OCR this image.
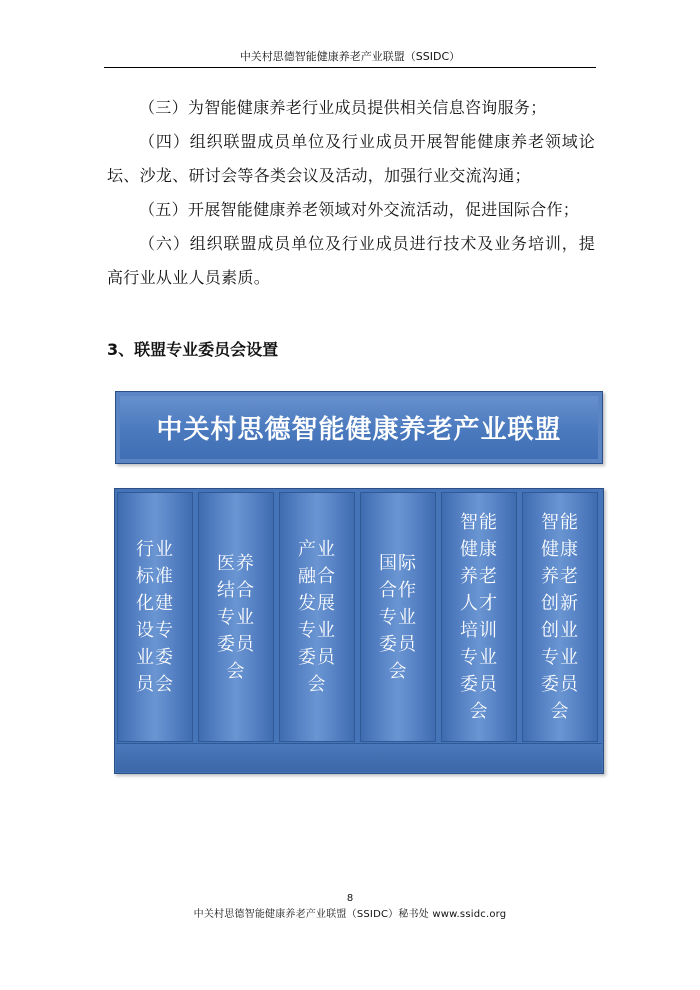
中关村思德智能健康养老产业联盟（SSIDC）

（三）为智能健康养老行业成员提供相关信息咨询服务；

（四）组织联盟成员单位及行业成员开展智能健康养老领域论坛、沙龙、研讨会等各类会议及活动，加强行业交流沟通；

（五）开展智能健康养老领域对外交流活动，促进国际合作；

（六）组织联盟成员单位及行业成员进行技术及业务培训，提高行业从业人员素质。

3、联盟专业委员会设置
中关村思德智能健康养老产业联盟
行业标准化建设专业委员会
医养结合专业委员会
产业融合发展专业委员会
国际合作专业委员会
智能健康养老人才培训专业委员会
智能健康养老创新创业专业委员会
8
中关村思德智能健康养老产业联盟（SSIDC）秘书处 www.ssidc.org
